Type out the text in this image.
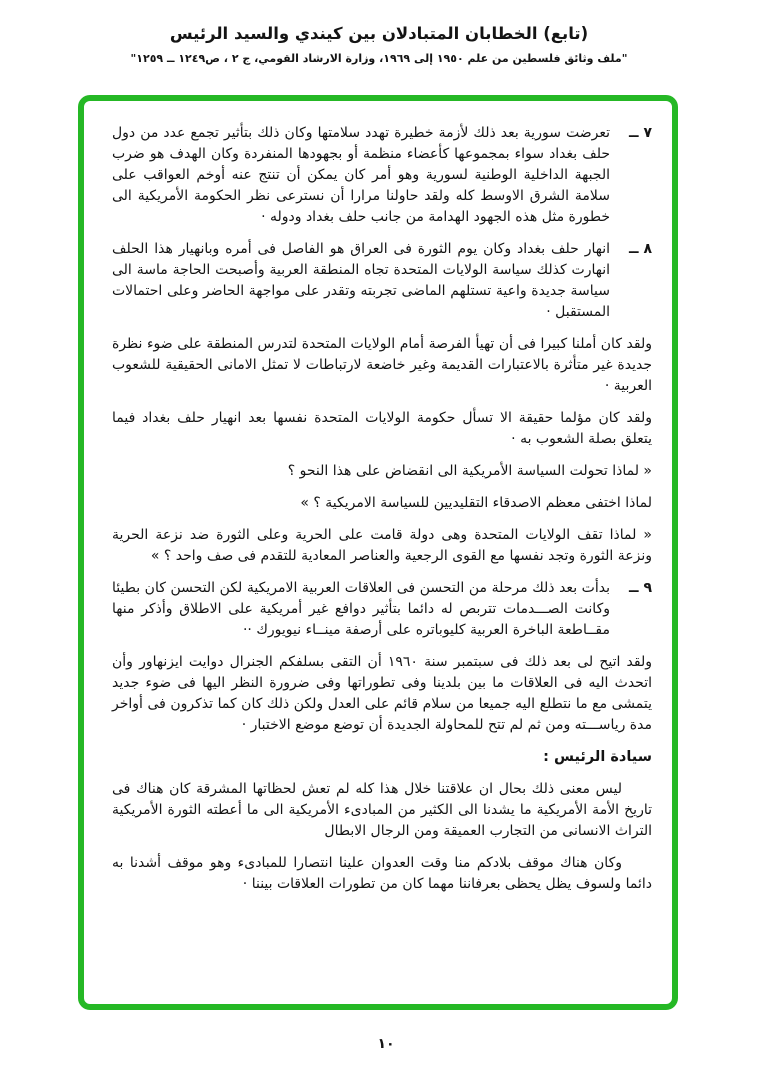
(تابع) الخطابان المتبادلان بين كيندي والسيد الرئيس
"ملف وثائق فلسطين من علم ١٩٥٠ إلى ١٩٦٩، وزارة الارشاد القومي، ج ٢ ، ص١٢٤٩ ــ ١٢٥٩"

٧ ــ
تعرضت سورية بعد ذلك لأزمة خطيرة تهدد سلامتها وكان ذلك بتأثير تجمع عدد من دول حلف بغداد سواء بمجموعها كأعضاء منظمة أو بجهودها المنفردة وكان الهدف هو ضرب الجبهة الداخلية الوطنية لسورية وهو أمر كان يمكن أن تنتج عنه أوخم العواقب على سلامة الشرق الاوسط كله ولقد حاولنا مرارا أن نسترعى نظر الحكومة الأمريكية الى خطورة مثل هذه الجهود الهدامة من جانب حلف بغداد ودوله ·

٨ ــ
انهار حلف بغداد وكان يوم الثورة فى العراق هو الفاصل فى أمره وبانهيار هذا الحلف انهارت كذلك سياسة الولايات المتحدة تجاه المنطقة العربية وأصبحت الحاجة ماسة الى سياسة جديدة واعية تستلهم الماضى تجربته وتقدر على مواجهة الحاضر وعلى احتمالات المستقبل ·

ولقد كان أملنا كبيرا فى أن تهيأ الفرصة أمام الولايات المتحدة لتدرس المنطقة على ضوء نظرة جديدة غير متأثرة بالاعتبارات القديمة وغير خاضعة لارتباطات لا تمثل الامانى الحقيقية للشعوب العربية ·

ولقد كان مؤلما حقيقة الا تسأل حكومة الولايات المتحدة نفسها بعد انهيار حلف بغداد فيما يتعلق بصلة الشعوب به ·

« لماذا تحولت السياسة الأمريكية الى انقضاض على هذا النحو ؟

لماذا اختفى معظم الاصدقاء التقليديين للسياسة الامريكية ؟ »

« لماذا تقف الولايات المتحدة وهى دولة قامت على الحرية وعلى الثورة ضد نزعة الحرية ونزعة الثورة وتجد نفسها مع القوى الرجعية والعناصر المعادية للتقدم فى صف واحد ؟ »

٩ ــ
بدأت بعد ذلك مرحلة من التحسن فى العلاقات العربية الامريكية لكن التحسن كان بطيئا وكانت الصـــدمات تتربص له دائما بتأثير دوافع غير أمريكية على الاطلاق وأذكر منها مقــاطعة الباخرة العربية كليوباتره على أرصفة مينــاء نيويورك ··

ولقد اتيح لى بعد ذلك فى سبتمبر سنة ١٩٦٠ أن التقى بسلفكم الجنرال دوايت ايزنهاور وأن اتحدث اليه فى العلاقات ما بين بلدينا وفى تطوراتها وفى ضرورة النظر اليها فى ضوء جديد يتمشى مع ما نتطلع اليه جميعا من سلام قائم على العدل ولكن ذلك كان كما تذكرون فى أواخر مدة رياســـته ومن ثم لم تتح للمحاولة الجديدة أن توضع موضع الاختبار ·

سيادة الرئيس :

ليس معنى ذلك بحال ان علاقتنا خلال هذا كله لم تعش لحظاتها المشرقة كان هناك فى تاريخ الأمة الأمريكية ما يشدنا الى الكثير من المبادىء الأمريكية الى ما أعطته الثورة الأمريكية التراث الانسانى من التجارب العميقة ومن الرجال الابطال

وكان هناك موقف بلادكم منا وقت العدوان علينا انتصارا للمبادىء وهو موقف أشدنا به دائما ولسوف يظل يحظى بعرفاننا مهما كان من تطورات العلاقات بيننا ·

١٠
